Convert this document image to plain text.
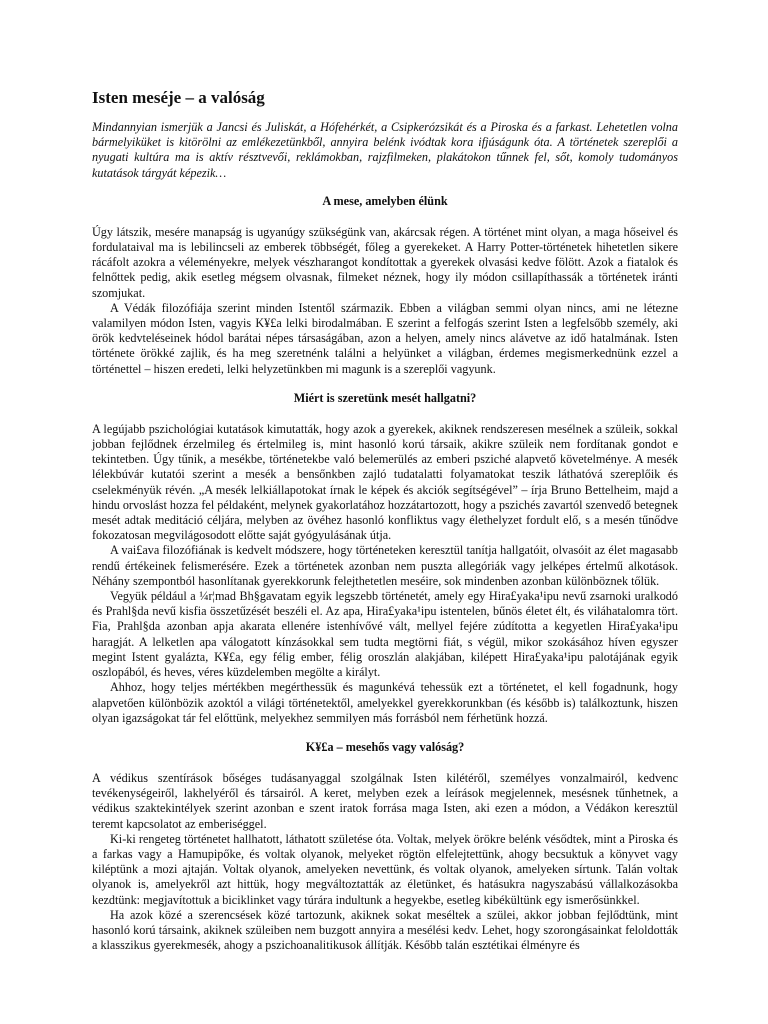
Isten meséje – a valóság

Mindannyian ismerjük a Jancsi és Juliskát, a Hófehérkét, a Csipkerózsikát és a Piroska és a farkast. Lehetetlen volna bármelyiküket is kitörölni az emlékezetünkből, annyira belénk ivódtak kora ifjúságunk óta. A történetek szereplői a nyugati kultúra ma is aktív résztvevői, reklámokban, rajzfilmeken, plakátokon tűnnek fel, sőt, komoly tudományos kutatások tárgyát képezik…

A mese, amelyben élünk

Úgy látszik, mesére manapság is ugyanúgy szükségünk van, akárcsak régen. A történet mint olyan, a maga hőseivel és fordulataival ma is lebilincseli az emberek többségét, főleg a gyerekeket. A Harry Potter-történetek hihetetlen sikere rácáfolt azokra a véleményekre, melyek vészharangot kondítottak a gyerekek olvasási kedve fölött. Azok a fiatalok és felnőttek pedig, akik esetleg mégsem olvasnak, filmeket néznek, hogy ily módon csillapíthassák a történetek iránti szomjukat.

A Védák filozófiája szerint minden Istentől származik. Ebben a világban semmi olyan nincs, ami ne létezne valamilyen módon Isten, vagyis K¥£a lelki birodalmában. E szerint a felfogás szerint Isten a legfelsőbb személy, aki örök kedvteléseinek hódol barátai népes társaságában, azon a helyen, amely nincs alávetve az idő hatalmának. Isten története örökké zajlik, és ha meg szeretnénk találni a helyünket a világban, érdemes megismerkednünk ezzel a történettel – hiszen eredeti, lelki helyzetünkben mi magunk is a szereplői vagyunk.

Miért is szeretünk mesét hallgatni?

A legújabb pszichológiai kutatások kimutatták, hogy azok a gyerekek, akiknek rendszeresen mesélnek a szüleik, sokkal jobban fejlődnek érzelmileg és értelmileg is, mint hasonló korú társaik, akikre szüleik nem fordítanak gondot e tekintetben. Úgy tűnik, a mesékbe, történetekbe való belemerülés az emberi psziché alapvető követelménye. A mesék lélekbúvár kutatói szerint a mesék a bensőnkben zajló tudatalatti folyamatokat teszik láthatóvá szereplőik és cselekményük révén. „A mesék lelkiállapotokat írnak le képek és akciók segítségével” – írja Bruno Bettelheim, majd a hindu orvoslást hozza fel példaként, melynek gyakorlatához hozzátartozott, hogy a pszichés zavartól szenvedő betegnek mesét adtak meditáció céljára, melyben az övéhez hasonló konfliktus vagy élethelyzet fordult elő, s a mesén tűnődve fokozatosan megvilágosodott előtte saját gyógyulásának útja.

A vai£ava filozófiának is kedvelt módszere, hogy történeteken keresztül tanítja hallgatóit, olvasóit az élet magasabb rendű értékeinek felismerésére. Ezek a történetek azonban nem puszta allegóriák vagy jelképes értelmű alkotások. Néhány szempontból hasonlítanak gyerekkorunk felejthetetlen meséire, sok mindenben azonban különböznek tőlük.

Vegyük például a ¼r¦mad Bh§gavatam egyik legszebb történetét, amely egy Hira£yaka¹ipu nevű zsarnoki uralkodó és Prahl§da nevű kisfia összetűzését beszéli el. Az apa, Hira£yaka¹ipu istentelen, bűnös életet élt, és viláhatalomra tört. Fia, Prahl§da azonban apja akarata ellenére istenhívővé vált, mellyel fejére zúdította a kegyetlen Hira£yaka¹ipu haragját. A lelketlen apa válogatott kínzásokkal sem tudta megtörni fiát, s végül, mikor szokásához híven egyszer megint Istent gyalázta, K¥£a, egy félig ember, félig oroszlán alakjában, kilépett Hira£yaka¹ipu palotájának egyik oszlopából, és heves, véres küzdelemben megölte a királyt.

Ahhoz, hogy teljes mértékben megérthessük és magunkévá tehessük ezt a történetet, el kell fogadnunk, hogy alapvetően különbözik azoktól a világi történetektől, amelyekkel gyerekkorunkban (és később is) találkoztunk, hiszen olyan igazságokat tár fel előttünk, melyekhez semmilyen más forrásból nem férhetünk hozzá.

K¥£a – mesehős vagy valóság?

A védikus szentírások bőséges tudásanyaggal szolgálnak Isten kilétéről, személyes vonzalmairól, kedvenc tevékenységeiről, lakhelyéről és társairól. A keret, melyben ezek a leírások megjelennek, mesésnek tűnhetnek, a védikus szaktekintélyek szerint azonban e szent iratok forrása maga Isten, aki ezen a módon, a Védákon keresztül teremt kapcsolatot az emberiséggel.

Ki-ki rengeteg történetet hallhatott, láthatott születése óta. Voltak, melyek örökre belénk vésődtek, mint a Piroska és a farkas vagy a Hamupipőke, és voltak olyanok, melyeket rögtön elfelejtettünk, ahogy becsuktuk a könyvet vagy kiléptünk a mozi ajtaján. Voltak olyanok, amelyeken nevettünk, és voltak olyanok, amelyeken sírtunk. Talán voltak olyanok is, amelyekről azt hittük, hogy megváltoztatták az életünket, és hatásukra nagyszabású vállalkozásokba kezdtünk: megjavítottuk a biciklinket vagy túrára indultunk a hegyekbe, esetleg kibékültünk egy ismerősünkkel.

Ha azok közé a szerencsések közé tartozunk, akiknek sokat meséltek a szülei, akkor jobban fejlődtünk, mint hasonló korú társaink, akiknek szüleiben nem buzgott annyira a mesélési kedv. Lehet, hogy szorongásainkat feloldották a klasszikus gyerekmesék, ahogy a pszichoanalitikusok állítják. Később talán esztétikai élményre és
